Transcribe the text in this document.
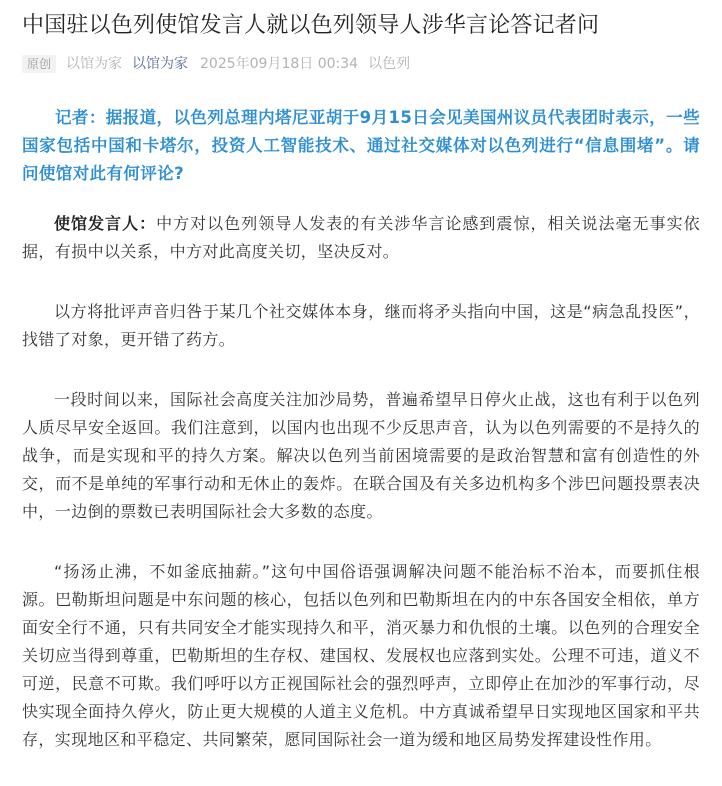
中国驻以色列使馆发言人就以色列领导人涉华言论答记者问
原创	以馆为家 以馆为家 2025年09月18日 00:34 以色列

记者：据报道，以色列总理内塔尼亚胡于9月15日会见美国州议员代表团时表示，一些国家包括中国和卡塔尔，投资人工智能技术、通过社交媒体对以色列进行“信息围堵”。请问使馆对此有何评论?

使馆发言人：中方对以色列领导人发表的有关涉华言论感到震惊，相关说法毫无事实依据，有损中以关系，中方对此高度关切，坚决反对。

以方将批评声音归咎于某几个社交媒体本身，继而将矛头指向中国，这是“病急乱投医”，找错了对象，更开错了药方。

一段时间以来，国际社会高度关注加沙局势，普遍希望早日停火止战，这也有利于以色列人质尽早安全返回。我们注意到，以国内也出现不少反思声音，认为以色列需要的不是持久的战争，而是实现和平的持久方案。解决以色列当前困境需要的是政治智慧和富有创造性的外交，而不是单纯的军事行动和无休止的轰炸。在联合国及有关多边机构多个涉巴问题投票表决中，一边倒的票数已表明国际社会大多数的态度。

“扬汤止沸，不如釜底抽薪。”这句中国俗语强调解决问题不能治标不治本，而要抓住根源。巴勒斯坦问题是中东问题的核心，包括以色列和巴勒斯坦在内的中东各国安全相依，单方面安全行不通，只有共同安全才能实现持久和平，消灭暴力和仇恨的土壤。以色列的合理安全关切应当得到尊重，巴勒斯坦的生存权、建国权、发展权也应落到实处。公理不可违，道义不可逆，民意不可欺。我们呼吁以方正视国际社会的强烈呼声，立即停止在加沙的军事行动，尽快实现全面持久停火，防止更大规模的人道主义危机。中方真诚希望早日实现地区国家和平共存，实现地区和平稳定、共同繁荣，愿同国际社会一道为缓和地区局势发挥建设性作用。
